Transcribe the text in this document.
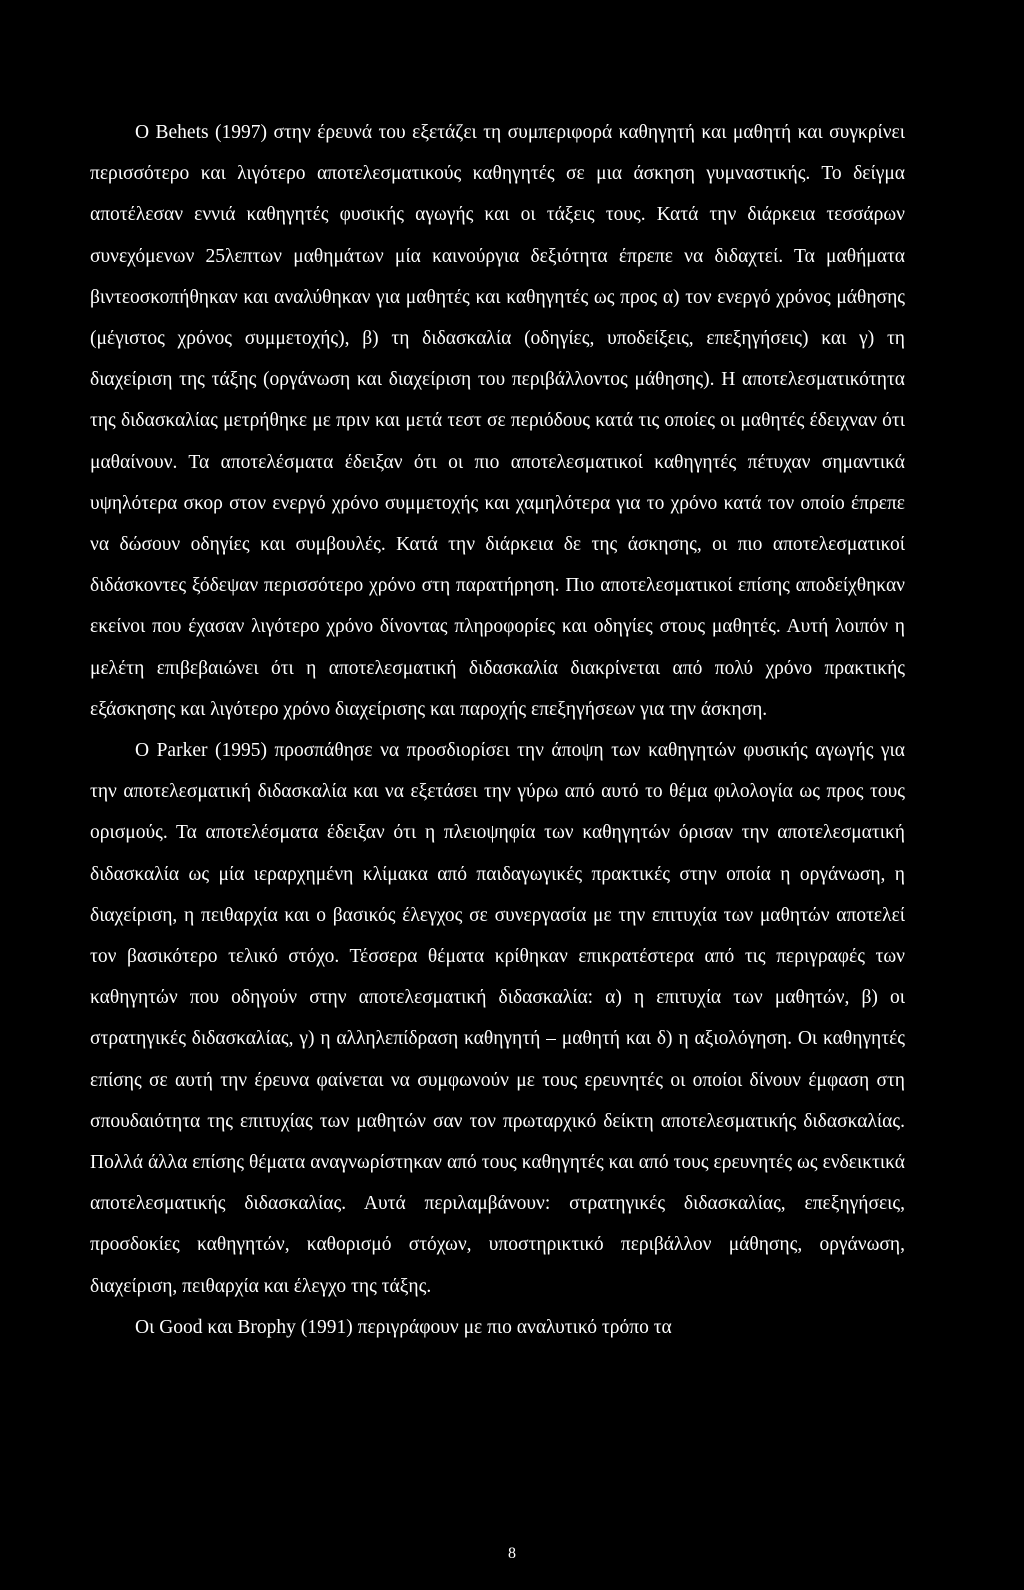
Ο Behets (1997) στην έρευνά του εξετάζει τη συμπεριφορά καθηγητή και μαθητή και συγκρίνει περισσότερο και λιγότερο αποτελεσματικούς καθηγητές σε μια άσκηση γυμναστικής. Το δείγμα αποτέλεσαν εννιά καθηγητές φυσικής αγωγής και οι τάξεις τους. Κατά την διάρκεια τεσσάρων συνεχόμενων 25λεπτων μαθημάτων μία καινούργια δεξιότητα έπρεπε να διδαχτεί. Τα μαθήματα βιντεοσκοπήθηκαν και αναλύθηκαν για μαθητές και καθηγητές ως προς α) τον ενεργό χρόνος μάθησης (μέγιστος χρόνος συμμετοχής), β) τη διδασκαλία (οδηγίες, υποδείξεις, επεξηγήσεις) και γ) τη διαχείριση της τάξης (οργάνωση και διαχείριση του περιβάλλοντος μάθησης). Η αποτελεσματικότητα της διδασκαλίας μετρήθηκε με πριν και μετά τεστ σε περιόδους κατά τις οποίες οι μαθητές έδειχναν ότι μαθαίνουν. Τα αποτελέσματα έδειξαν ότι οι πιο αποτελεσματικοί καθηγητές πέτυχαν σημαντικά υψηλότερα σκορ στον ενεργό χρόνο συμμετοχής και χαμηλότερα για το χρόνο κατά τον οποίο έπρεπε να δώσουν οδηγίες και συμβουλές. Κατά την διάρκεια δε της άσκησης, οι πιο αποτελεσματικοί διδάσκοντες ξόδεψαν περισσότερο χρόνο στη παρατήρηση. Πιο αποτελεσματικοί επίσης αποδείχθηκαν εκείνοι που έχασαν λιγότερο χρόνο δίνοντας πληροφορίες και οδηγίες στους μαθητές. Αυτή λοιπόν η μελέτη επιβεβαιώνει ότι η αποτελεσματική διδασκαλία διακρίνεται από πολύ χρόνο πρακτικής εξάσκησης και λιγότερο χρόνο διαχείρισης και παροχής επεξηγήσεων για την άσκηση.

Ο Parker (1995) προσπάθησε να προσδιορίσει την άποψη των καθηγητών φυσικής αγωγής για την αποτελεσματική διδασκαλία και να εξετάσει την γύρω από αυτό το θέμα φιλολογία ως προς τους ορισμούς. Τα αποτελέσματα έδειξαν ότι η πλειοψηφία των καθηγητών όρισαν την αποτελεσματική διδασκαλία ως μία ιεραρχημένη κλίμακα από παιδαγωγικές πρακτικές στην οποία η οργάνωση, η διαχείριση, η πειθαρχία και ο βασικός έλεγχος σε συνεργασία με την επιτυχία των μαθητών αποτελεί τον βασικότερο τελικό στόχο. Τέσσερα θέματα κρίθηκαν επικρατέστερα από τις περιγραφές των καθηγητών που οδηγούν στην αποτελεσματική διδασκαλία: α) η επιτυχία των μαθητών, β) οι στρατηγικές διδασκαλίας, γ) η αλληλεπίδραση καθηγητή – μαθητή και δ) η αξιολόγηση. Οι καθηγητές επίσης σε αυτή την έρευνα φαίνεται να συμφωνούν με τους ερευνητές οι οποίοι δίνουν έμφαση στη σπουδαιότητα της επιτυχίας των μαθητών σαν τον πρωταρχικό δείκτη αποτελεσματικής διδασκαλίας. Πολλά άλλα επίσης θέματα αναγνωρίστηκαν από τους καθηγητές και από τους ερευνητές ως ενδεικτικά αποτελεσματικής διδασκαλίας. Αυτά περιλαμβάνουν: στρατηγικές διδασκαλίας, επεξηγήσεις, προσδοκίες καθηγητών, καθορισμό στόχων, υποστηρικτικό περιβάλλον μάθησης, οργάνωση, διαχείριση, πειθαρχία και έλεγχο της τάξης.

Οι Good και Brophy (1991) περιγράφουν με πιο αναλυτικό τρόπο τα

8
